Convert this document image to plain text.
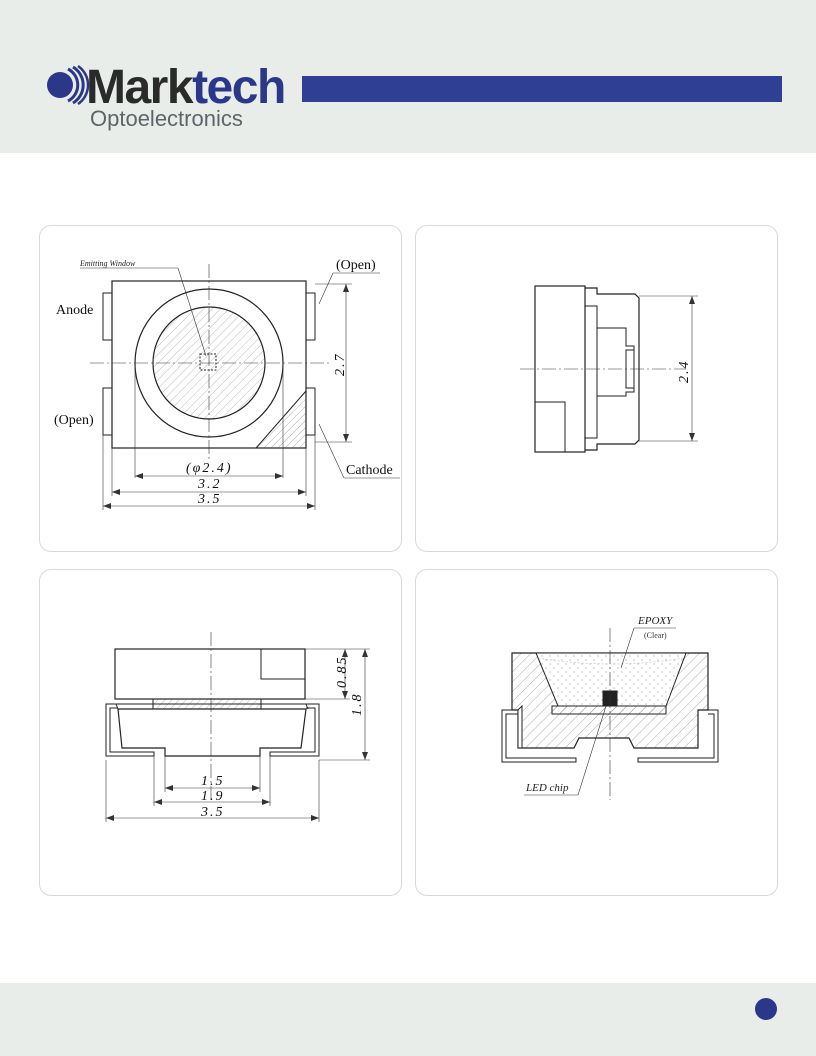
Marktech
Optoelectronics
Emitting Window	(Open)
Anode
(Open)
Cathode
2.7
(φ2.4)
3.2
3.5
2.4
0.85
1.8
1.5
1.9
3.5
EPOXY
(Clear)
LED chip
